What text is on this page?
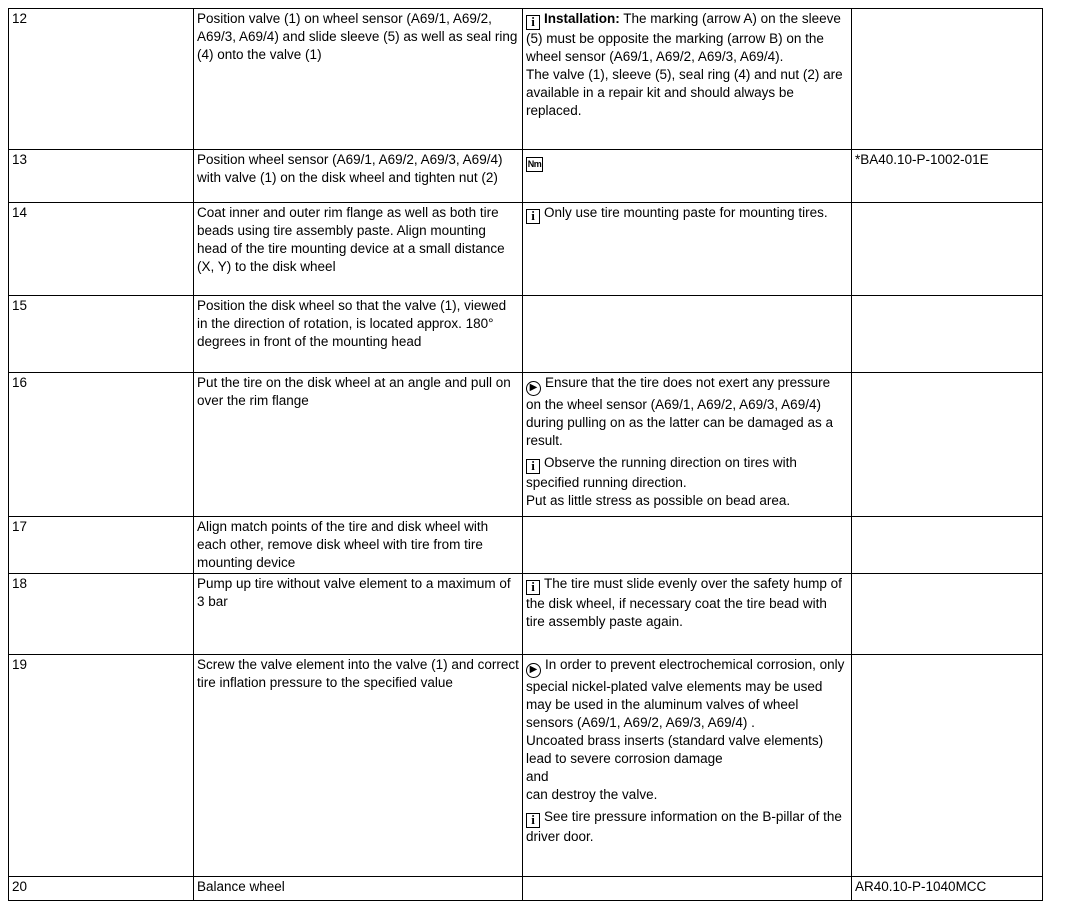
12	Position valve (1) on wheel sensor (A69/1, A69/2, A69/3, A69/4) and slide sleeve (5) as well as seal ring (4) onto the valve (1)	i Installation: The marking (arrow A) on the sleeve (5) must be opposite the marking (arrow B) on the wheel sensor (A69/1, A69/2, A69/3, A69/4).
The valve (1), sleeve (5), seal ring (4) and nut (2) are available in a repair kit and should always be replaced.	

13	Position wheel sensor (A69/1, A69/2, A69/3, A69/4) with valve (1) on the disk wheel and tighten nut (2)	Nm	*BA40.10-P-1002-01E
14	Coat inner and outer rim flange as well as both tire beads using tire assembly paste. Align mounting head of the tire mounting device at a small distance (X, Y) to the disk wheel	i Only use tire mounting paste for mounting tires.	

15	Position the disk wheel so that the valve (1), viewed in the direction of rotation, is located approx. 180° degrees in front of the mounting head		
16	Put the tire on the disk wheel at an angle and pull on over the rim flange	▶ Ensure that the tire does not exert any pressure on the wheel sensor (A69/1, A69/2, A69/3, A69/4) during pulling on as the latter can be damaged as a result.
i Observe the running direction on tires with specified running direction.
Put as little stress as possible on bead area.	

17	Align match points of the tire and disk wheel with each other, remove disk wheel with tire from tire mounting device		
18	Pump up tire without valve element to a maximum of 3 bar	i The tire must slide evenly over the safety hump of the disk wheel, if necessary coat the tire bead with tire assembly paste again.	

19	Screw the valve element into the valve (1) and correct tire inflation pressure to the specified value	▶ In order to prevent electrochemical corrosion, only special nickel-plated valve elements may be used may be used in the aluminum valves of wheel sensors (A69/1, A69/2, A69/3, A69/4) .
Uncoated brass inserts (standard valve elements) lead to severe corrosion damage
and
can destroy the valve.
i See tire pressure information on the B-pillar of the driver door.	

20	Balance wheel		AR40.10-P-1040MCC
